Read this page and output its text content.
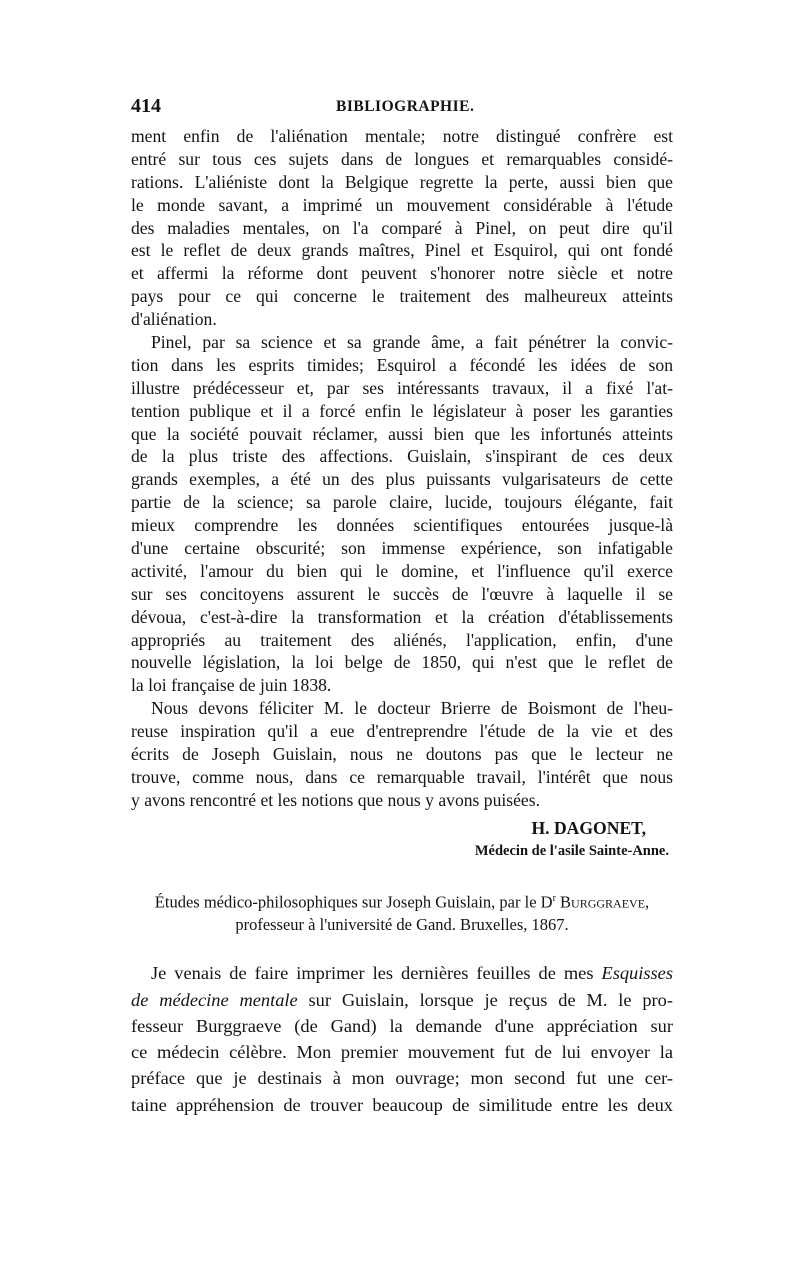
414	BIBLIOGRAPHIE.
ment enfin de l'aliénation mentale; notre distingué confrère est
entré sur tous ces sujets dans de longues et remarquables considé-
rations. L'aliéniste dont la Belgique regrette la perte, aussi bien que
le monde savant, a imprimé un mouvement considérable à l'étude
des maladies mentales, on l'a comparé à Pinel, on peut dire qu'il
est le reflet de deux grands maîtres, Pinel et Esquirol, qui ont fondé
et affermi la réforme dont peuvent s'honorer notre siècle et notre
pays pour ce qui concerne le traitement des malheureux atteints
d'aliénation.
Pinel, par sa science et sa grande âme, a fait pénétrer la convic-
tion dans les esprits timides; Esquirol a fécondé les idées de son
illustre prédécesseur et, par ses intéressants travaux, il a fixé l'at-
tention publique et il a forcé enfin le législateur à poser les garanties
que la société pouvait réclamer, aussi bien que les infortunés atteints
de la plus triste des affections. Guislain, s'inspirant de ces deux
grands exemples, a été un des plus puissants vulgarisateurs de cette
partie de la science; sa parole claire, lucide, toujours élégante, fait
mieux comprendre les données scientifiques entourées jusque-là
d'une certaine obscurité; son immense expérience, son infatigable
activité, l'amour du bien qui le domine, et l'influence qu'il exerce
sur ses concitoyens assurent le succès de l'œuvre à laquelle il se
dévoua, c'est-à-dire la transformation et la création d'établissements
appropriés au traitement des aliénés, l'application, enfin, d'une
nouvelle législation, la loi belge de 1850, qui n'est que le reflet de
la loi française de juin 1838.
Nous devons féliciter M. le docteur Brierre de Boismont de l'heu-
reuse inspiration qu'il a eue d'entreprendre l'étude de la vie et des
écrits de Joseph Guislain, nous ne doutons pas que le lecteur ne
trouve, comme nous, dans ce remarquable travail, l'intérêt que nous
y avons rencontré et les notions que nous y avons puisées.
H. DAGONET,
Médecin de l'asile Sainte-Anne.
Études médico-philosophiques sur Joseph Guislain, par le $D^r$ Burggraeve,
professeur à l'université de Gand. Bruxelles, 1867.
Je venais de faire imprimer les dernières feuilles de mes Esquisses
de médecine mentale sur Guislain, lorsque je reçus de M. le pro-
fesseur Burggraeve (de Gand) la demande d'une appréciation sur
ce médecin célèbre. Mon premier mouvement fut de lui envoyer la
préface que je destinais à mon ouvrage; mon second fut une cer-
taine appréhension de trouver beaucoup de similitude entre les deux
